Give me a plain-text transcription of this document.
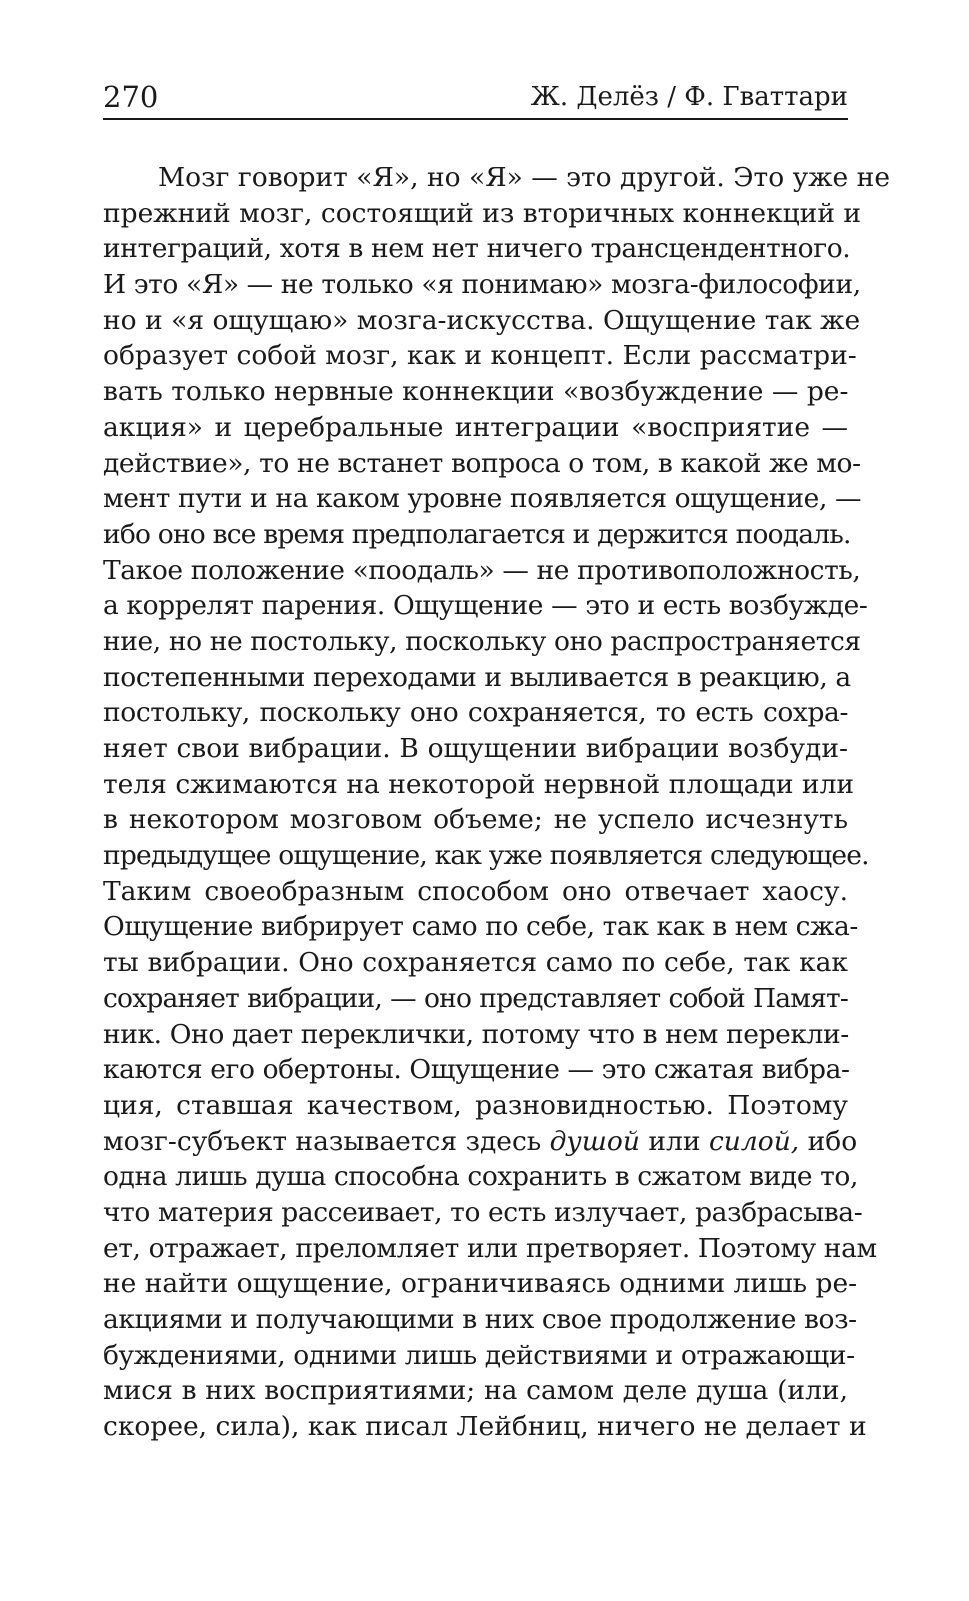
270	Ж. Делёз / Ф. Гваттари
Мозг говорит «Я», но «Я» — это другой. Это уже не
прежний мозг, состоящий из вторичных коннекций и
интеграций, хотя в нем нет ничего трансцендентного.
И это «Я» — не только «я понимаю» мозга-философии,
но и «я ощущаю» мозга-искусства. Ощущение так же
образует собой мозг, как и концепт. Если рассматри-
вать только нервные коннекции «возбуждение — ре-
акция» и церебральные интеграции «восприятие —
действие», то не встанет вопроса о том, в какой же мо-
мент пути и на каком уровне появляется ощущение, —
ибо оно все время предполагается и держится поодаль.
Такое положение «поодаль» — не противоположность,
а коррелят парения. Ощущение — это и есть возбужде-
ние, но не постольку, поскольку оно распространяется
постепенными переходами и выливается в реакцию, а
постольку, поскольку оно сохраняется, то есть сохра-
няет свои вибрации. В ощущении вибрации возбуди-
теля сжимаются на некоторой нервной площади или
в некотором мозговом объеме; не успело исчезнуть
предыдущее ощущение, как уже появляется следующее.
Таким своеобразным способом оно отвечает хаосу.
Ощущение вибрирует само по себе, так как в нем сжа-
ты вибрации. Оно сохраняется само по себе, так как
сохраняет вибрации, — оно представляет собой Памят-
ник. Оно дает переклички, потому что в нем перекли-
каются его обертоны. Ощущение — это сжатая вибра-
ция, ставшая качеством, разновидностью. Поэтому
мозг-субъект называется здесь душой или силой, ибо
одна лишь душа способна сохранить в сжатом виде то,
что материя рассеивает, то есть излучает, разбрасыва-
ет, отражает, преломляет или претворяет. Поэтому нам
не найти ощущение, ограничиваясь одними лишь ре-
акциями и получающими в них свое продолжение воз-
буждениями, одними лишь действиями и отражающи-
мися в них восприятиями; на самом деле душа (или,
скорее, сила), как писал Лейбниц, ничего не делает и
